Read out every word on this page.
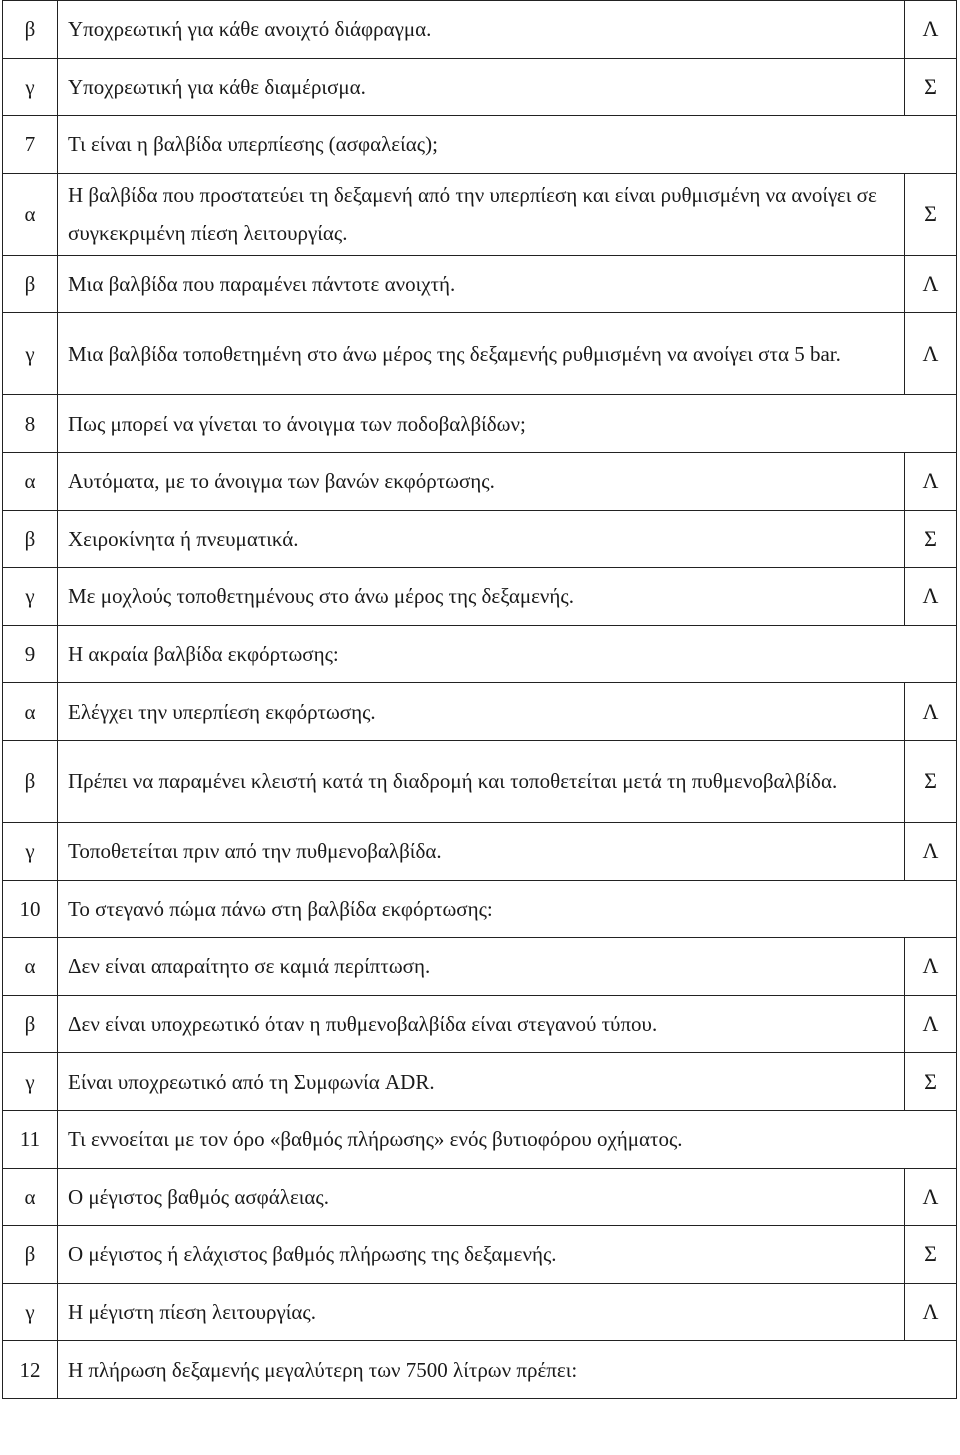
β	Υποχρεωτική για κάθε ανοιχτό διάφραγμα.	Λ
γ	Υποχρεωτική για κάθε διαμέρισμα.	Σ
7	Τι είναι η βαλβίδα υπερπίεσης (ασφαλείας);	

α	Η βαλβίδα που προστατεύει τη δεξαμενή από την υπερπίεση και είναι ρυθμισμένη να ανοίγει σε συγκεκριμένη πίεση λειτουργίας.	Σ
β	Μια βαλβίδα που παραμένει πάντοτε ανοιχτή.	Λ
γ	Μια βαλβίδα τοποθετημένη στο άνω μέρος της δεξαμενής ρυθμισμένη να ανοίγει στα 5 bar.	Λ
8	Πως μπορεί να γίνεται το άνοιγμα των ποδοβαλβίδων;	

α	Αυτόματα, με το άνοιγμα των βανών εκφόρτωσης.	Λ
β	Χειροκίνητα ή πνευματικά.	Σ
γ	Με μοχλούς τοποθετημένους στο άνω μέρος της δεξαμενής.	Λ
9	Η ακραία βαλβίδα εκφόρτωσης:	

α	Ελέγχει την υπερπίεση εκφόρτωσης.	Λ
β	Πρέπει να παραμένει κλειστή κατά τη διαδρομή και τοποθετείται μετά τη πυθμενοβαλβίδα.	Σ
γ	Τοποθετείται πριν από την πυθμενοβαλβίδα.	Λ
10	Το στεγανό πώμα πάνω στη βαλβίδα εκφόρτωσης:	

α	Δεν είναι απαραίτητο σε καμιά περίπτωση.	Λ
β	Δεν είναι υποχρεωτικό όταν η πυθμενοβαλβίδα είναι στεγανού τύπου.	Λ
γ	Είναι υποχρεωτικό από τη Συμφωνία ADR.	Σ
11	Τι εννοείται με τον όρο «βαθμός πλήρωσης» ενός βυτιοφόρου οχήματος.	

α	Ο μέγιστος βαθμός ασφάλειας.	Λ
β	Ο μέγιστος ή ελάχιστος βαθμός πλήρωσης της δεξαμενής.	Σ
γ	Η μέγιστη πίεση λειτουργίας.	Λ
12	Η πλήρωση δεξαμενής μεγαλύτερη των 7500 λίτρων πρέπει:	
